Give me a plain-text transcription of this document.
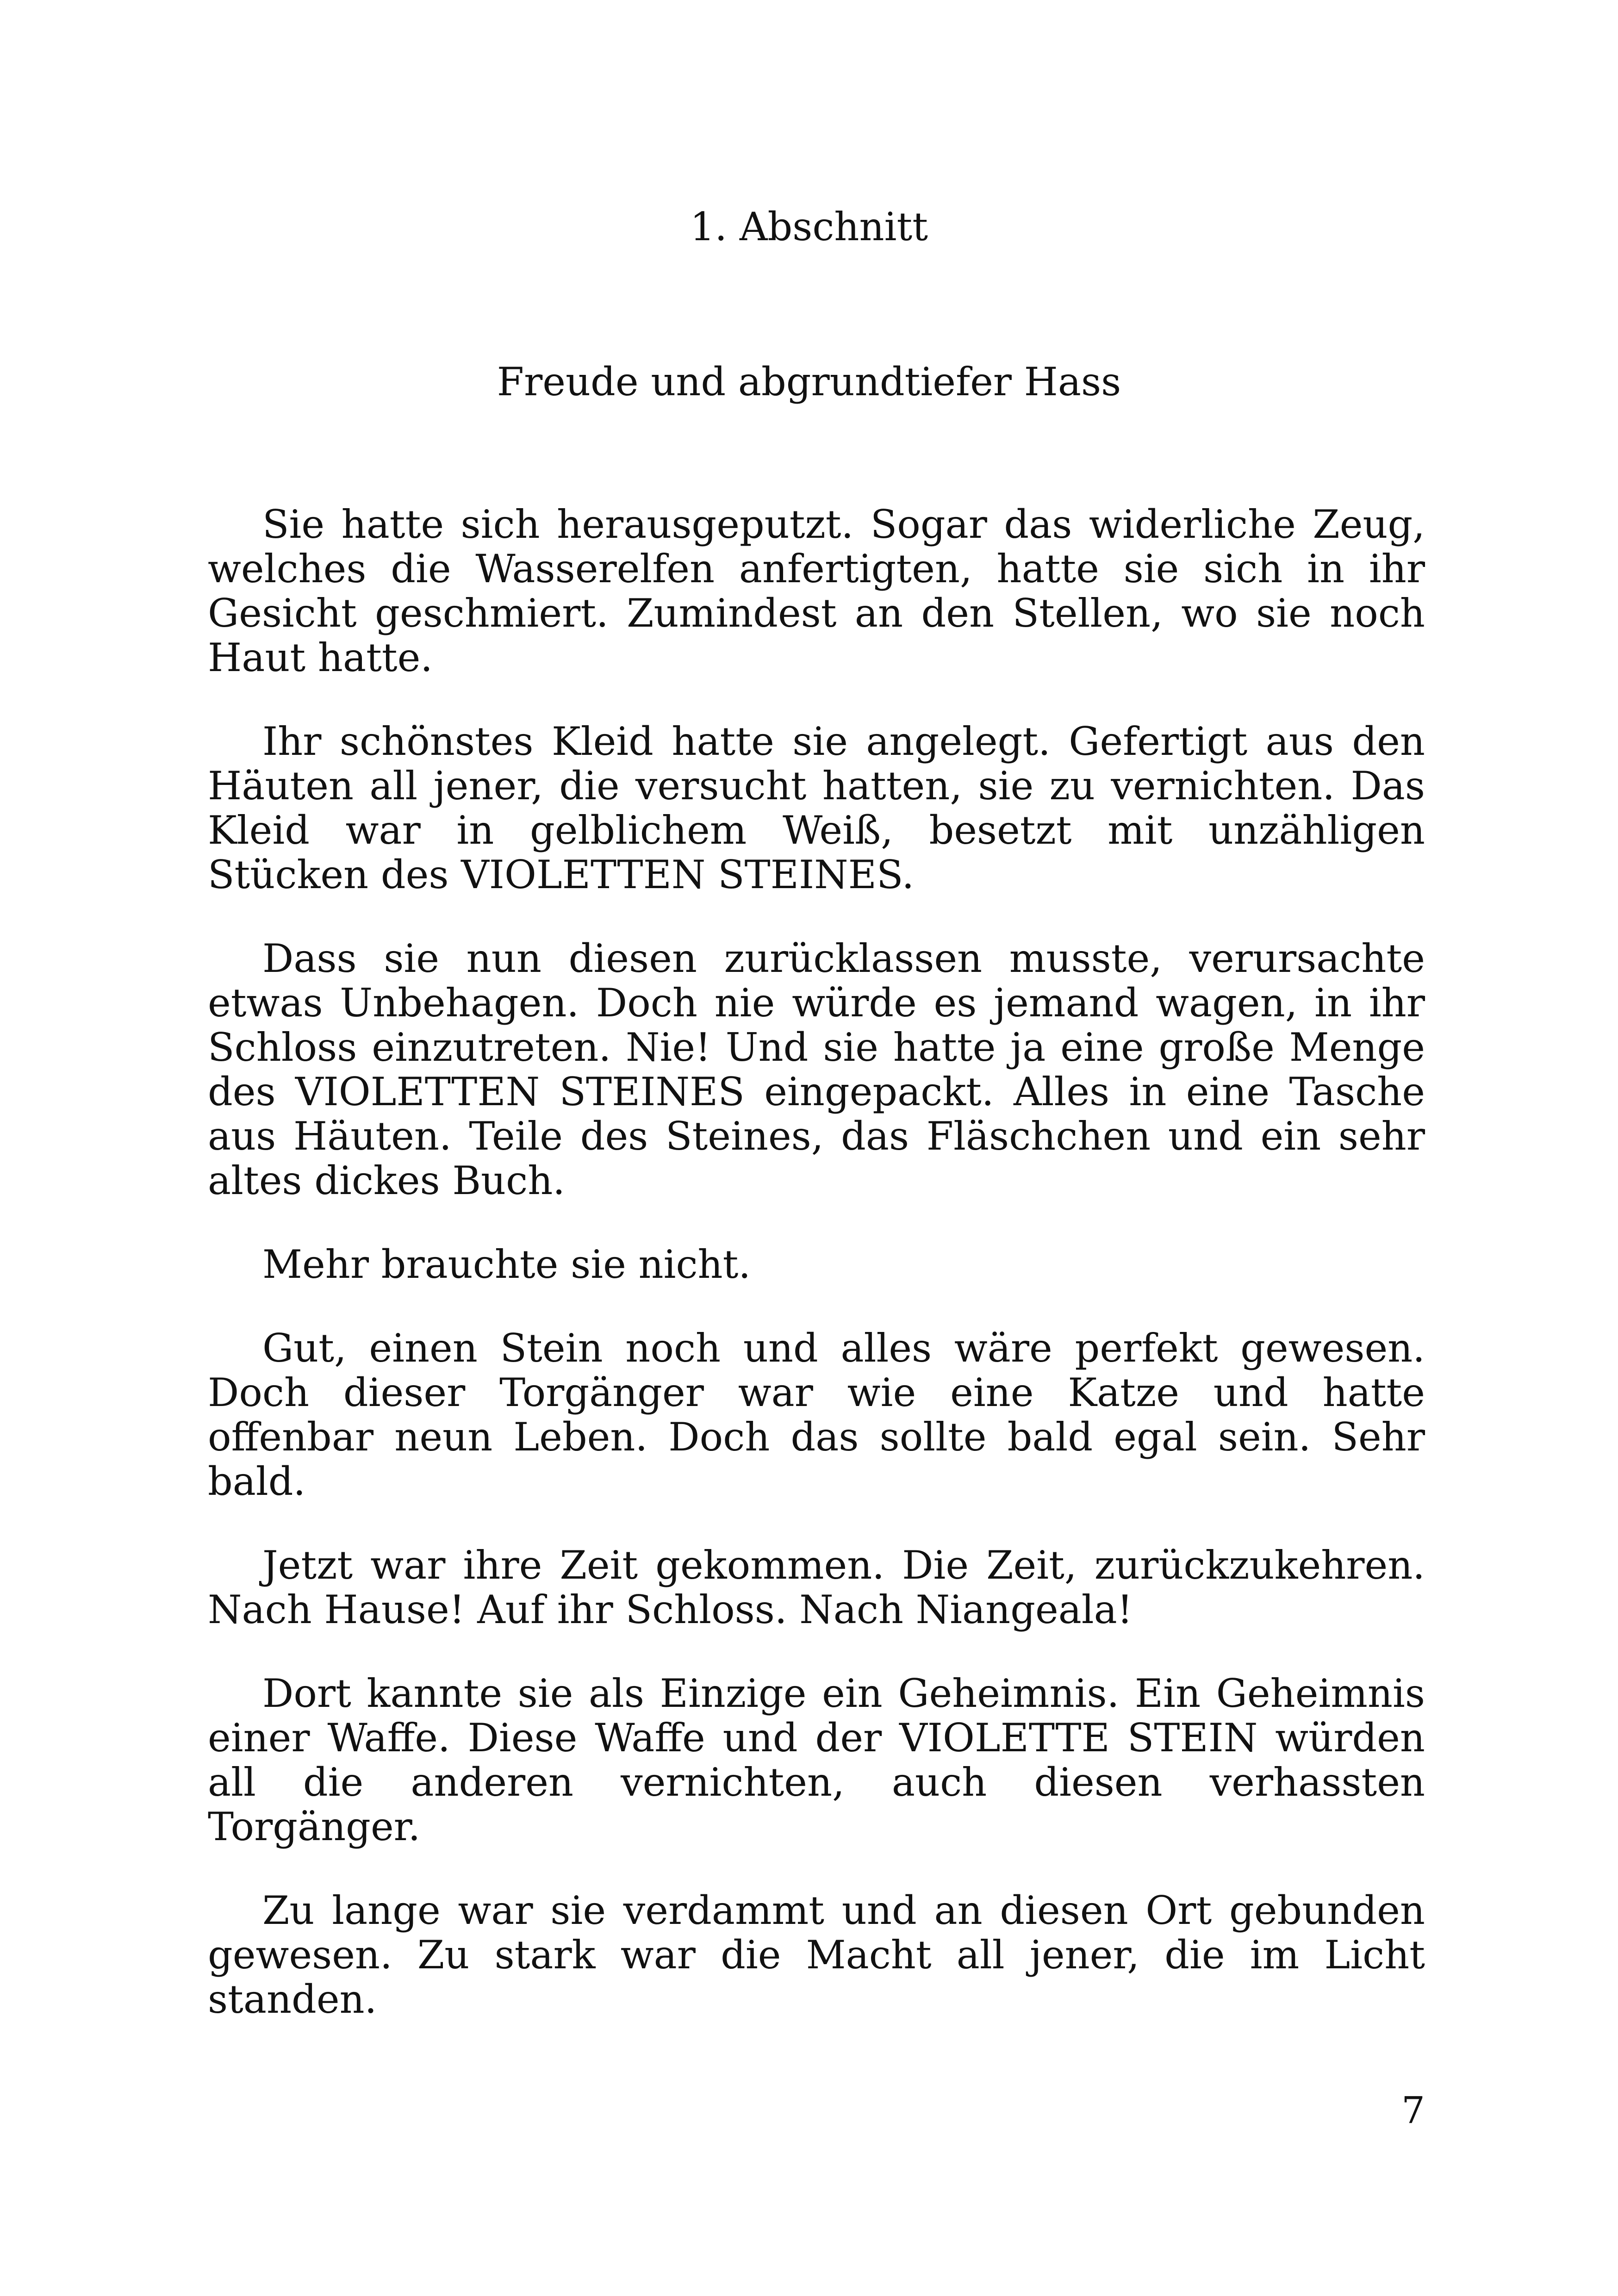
1. Abschnitt
Freude und abgrundtiefer Hass

Sie hatte sich herausgeputzt. Sogar das widerliche Zeug, welches die Wasserelfen anfertigten, hatte sie sich in ihr Gesicht geschmiert. Zumindest an den Stellen, wo sie noch Haut hatte.

Ihr schönstes Kleid hatte sie angelegt. Gefertigt aus den Häuten all jener, die versucht hatten, sie zu vernichten. Das Kleid war in gelblichem Weiß, besetzt mit unzähligen Stücken des VIOLETTEN STEINES.

Dass sie nun diesen zurücklassen musste, verursachte etwas Unbehagen. Doch nie würde es jemand wagen, in ihr Schloss einzutreten. Nie! Und sie hatte ja eine große Menge des VIOLETTEN STEINES eingepackt. Alles in eine Tasche aus Häuten. Teile des Steines, das Fläschchen und ein sehr altes dickes Buch.

Mehr brauchte sie nicht.

Gut, einen Stein noch und alles wäre perfekt gewesen. Doch dieser Torgänger war wie eine Katze und hatte offenbar neun Leben. Doch das sollte bald egal sein. Sehr bald.

Jetzt war ihre Zeit gekommen. Die Zeit, zurückzukehren. Nach Hause! Auf ihr Schloss. Nach Niangeala!

Dort kannte sie als Einzige ein Geheimnis. Ein Geheimnis einer Waffe. Diese Waffe und der VIOLETTE STEIN würden all die anderen vernichten, auch diesen verhassten Torgänger.

Zu lange war sie verdammt und an diesen Ort gebunden gewesen. Zu stark war die Macht all jener, die im Licht standen.

7
